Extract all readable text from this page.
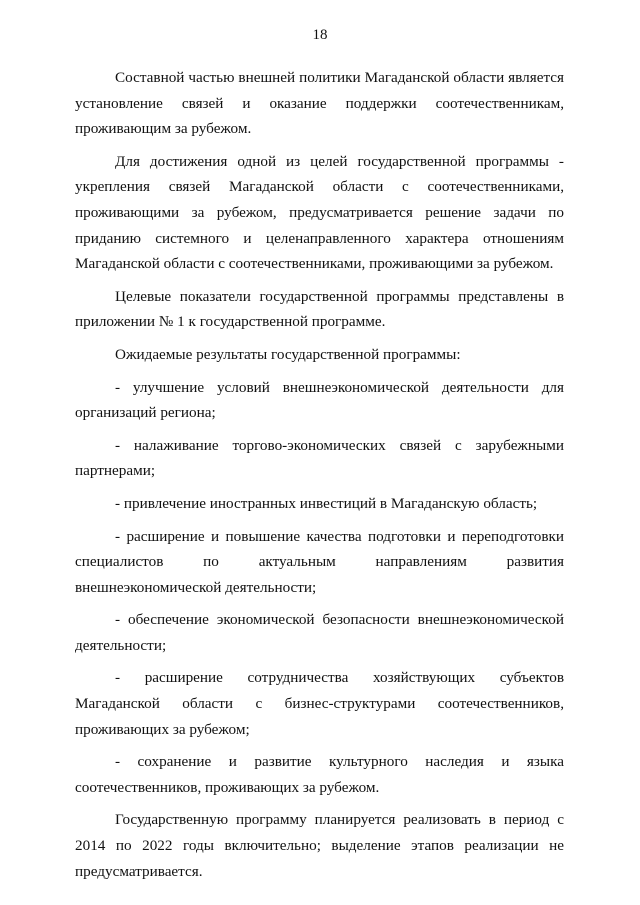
18

Составной частью внешней политики Магаданской области является установление связей и оказание поддержки соотечественникам, проживающим за рубежом.

Для достижения одной из целей государственной программы - укрепления связей Магаданской области с соотечественниками, проживающими за рубежом, предусматривается решение задачи по приданию системного и целенаправленного характера отношениям Магаданской области с соотечественниками, проживающими за рубежом.

Целевые показатели государственной программы представлены в приложении № 1 к государственной программе.

Ожидаемые результаты государственной программы:

- улучшение условий внешнеэкономической деятельности для организаций региона;

- налаживание торгово-экономических связей с зарубежными партнерами;

- привлечение иностранных инвестиций в Магаданскую область;

- расширение и повышение качества подготовки и переподготовки специалистов по актуальным направлениям развития внешнеэкономической деятельности;

- обеспечение экономической безопасности внешнеэкономической деятельности;

- расширение сотрудничества хозяйствующих субъектов Магаданской области с бизнес-структурами соотечественников, проживающих за рубежом;

- сохранение и развитие культурного наследия и языка соотечественников, проживающих за рубежом.

Государственную программу планируется реализовать в период с 2014 по 2022 годы включительно; выделение этапов реализации не предусматривается.
